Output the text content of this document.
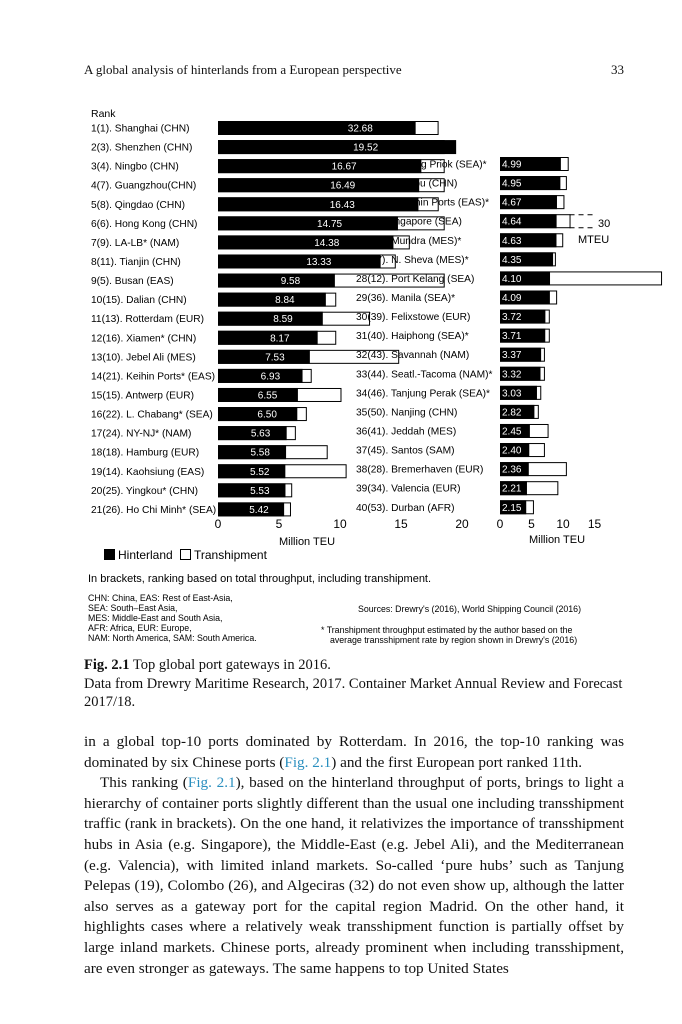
A global analysis of hinterlands from a European perspective	33
Rank
Million TEU	Million TEU
30
MTEU
Hinterland Transhipment
In brackets, ranking based on total throughput, including transhipment.
CHN: China, EAS: Rest of East-Asia,
SEA: South–East Asia,
MES: Middle-East and South Asia,
AFR: Africa, EUR: Europe,
NAM: North America, SAM: South America.
Sources: Drewry's (2016), World Shipping Council (2016)
* Transhipment throughput estimated by the author based on the
average transshipment rate by region shown in Drewry's (2016)
1(1). Shanghai (CHN)	32.68
2(3). Shenzhen (CHN)	19.52
3(4). Ningbo (CHN)	16.67
4(7). Guangzhou(CHN)	16.49
5(8). Qingdao (CHN)	16.43
6(6). Hong Kong (CHN)	14.75
7(9). LA-LB* (NAM)	14.38
8(11). Tianjin (CHN)	13.33
9(5). Busan (EAS)	9.58
10(15). Dalian (CHN)	8.84
11(13). Rotterdam (EUR)	8.59
12(16). Xiamen* (CHN)	8.17
13(10). Jebel Ali (MES)	7.53
14(21). Keihin Ports* (EAS)	6.93
15(15). Antwerp (EUR)	6.55
16(22). L. Chabang* (SEA)	6.50
17(24). NY-NJ* (NAM)	5.63
18(18). Hamburg (EUR)	5.58
19(14). Kaohsiung (EAS)	5.52
20(25). Yingkou* (CHN)	5.53
21(26). Ho Chi Minh* (SEA)	5.42
0	5	10	15	20
22(31). Tanjung Priok (SEA)* 4.99
23(29). Suzhou (CHN)	4.95
25(30). Hanshin Ports (EAS)* 4.67
25(2). Singapore (SEA)	4.64
26(32). Mundra (MES)*	4.63
27(37). N. Sheva (MES)*	4.35
28(12). Port Kelang (SEA)	4.10
29(36). Manila (SEA)*	4.09
30(39). Felixstowe (EUR)	3.72
31(40). Haiphong (SEA)*	3.71
32(43). Savannah (NAM)	3.37
33(44). Seatl.-Tacoma (NAM)* 3.32
34(46). Tanjung Perak (SEA)* 3.03
35(50). Nanjing (CHN)	2.82
36(41). Jeddah (MES)	2.45
37(45). Santos (SAM)	2.40
38(28). Bremerhaven (EUR) 2.36
39(34). Valencia (EUR)	2.21
40(53). Durban (AFR)	2.15
0 5 10 15
Fig. 2.1 Top global port gateways in 2016.
Data from Drewry Maritime Research, 2017. Container Market Annual Review and Forecast 2017/18.

in a global top-10 ports dominated by Rotterdam. In 2016, the top-10 ranking was dominated by six Chinese ports (Fig. 2.1) and the first European port ranked 11th.

This ranking (Fig. 2.1), based on the hinterland throughput of ports, brings to light a hierarchy of container ports slightly different than the usual one including transshipment traffic (rank in brackets). On the one hand, it relativizes the importance of transshipment hubs in Asia (e.g. Singapore), the Middle-East (e.g. Jebel Ali), and the Mediterranean (e.g. Valencia), with limited inland markets. So-called ‘pure hubs’ such as Tanjung Pelepas (19), Colombo (26), and Algeciras (32) do not even show up, although the latter also serves as a gateway port for the capital region Madrid. On the other hand, it highlights cases where a relatively weak transshipment function is partially offset by large inland markets. Chinese ports, already prominent when including transshipment, are even stronger as gateways. The same happens to top United States
